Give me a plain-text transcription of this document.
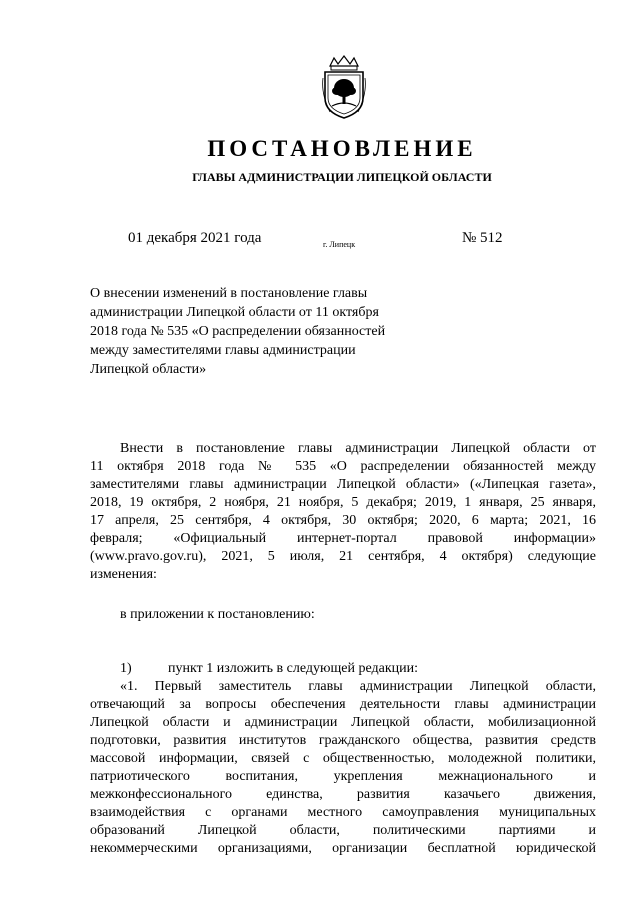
ПОСТАНОВЛЕНИЕ
ГЛАВЫ АДМИНИСТРАЦИИ ЛИПЕЦКОЙ ОБЛАСТИ
01 декабря 2021 года	г. Липецк	№ 512
О внесении изменений в постановление главы
администрации Липецкой области от 11 октября
2018 года № 535 «О распределении обязанностей
между заместителями главы администрации
Липецкой области»
Внести в постановление главы администрации Липецкой области от
11 октября 2018 года № 535 «О распределении обязанностей между
заместителями главы администрации Липецкой области» («Липецкая газета»,
2018, 19 октября, 2 ноября, 21 ноября, 5 декабря; 2019, 1 января, 25 января,
17 апреля, 25 сентября, 4 октября, 30 октября; 2020, 6 марта; 2021, 16
февраля; «Официальный интернет-портал правовой информации»
(www.pravo.gov.ru), 2021, 5 июля, 21 сентября, 4 октября) следующие
изменения:
в приложении к постановлению:
1)	пункт 1 изложить в следующей редакции:
«1. Первый заместитель главы администрации Липецкой области,
отвечающий за вопросы обеспечения деятельности главы администрации
Липецкой области и администрации Липецкой области, мобилизационной
подготовки, развития институтов гражданского общества, развития средств
массовой информации, связей с общественностью, молодежной политики,
патриотического воспитания, укрепления межнационального и
межконфессионального единства, развития казачьего движения,
взаимодействия с органами местного самоуправления муниципальных
образований Липецкой области, политическими партиями и
некоммерческими организациями, организации бесплатной юридической
